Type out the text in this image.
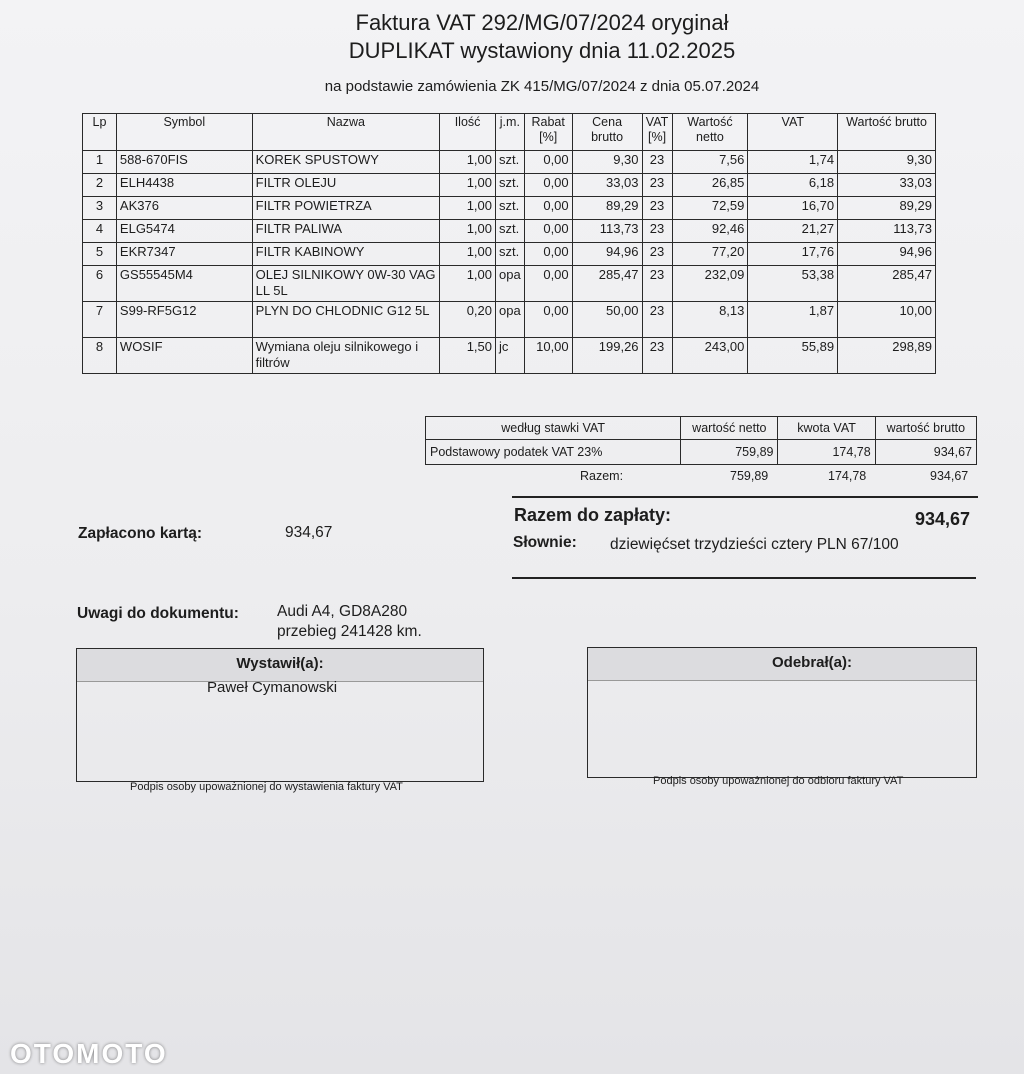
Faktura VAT 292/MG/07/2024 oryginał
DUPLIKAT wystawiony dnia 11.02.2025
na podstawie zamówienia ZK 415/MG/07/2024 z dnia 05.07.2024
Lp	Symbol	Nazwa	Ilość	j.m.	Rabat [%]	Cena brutto	VAT [%]	Wartość netto	VAT	Wartość brutto
1	588-670FIS	KOREK SPUSTOWY	1,00	szt.	0,00	9,30	23	7,56	1,74	9,30
2	ELH4438	FILTR OLEJU	1,00	szt.	0,00	33,03	23	26,85	6,18	33,03
3	AK376	FILTR POWIETRZA	1,00	szt.	0,00	89,29	23	72,59	16,70	89,29
4	ELG5474	FILTR PALIWA	1,00	szt.	0,00	113,73	23	92,46	21,27	113,73
5	EKR7347	FILTR KABINOWY	1,00	szt.	0,00	94,96	23	77,20	17,76	94,96
6	GS55545M4	OLEJ SILNIKOWY 0W-30 VAG LL 5L	1,00	opa	0,00	285,47	23	232,09	53,38	285,47
7	S99-RF5G12	PLYN DO CHLODNIC G12 5L	0,20	opa	0,00	50,00	23	8,13	1,87	10,00
8	WOSIF	Wymiana oleju silnikowego i filtrów	1,50	jc	10,00	199,26	23	243,00	55,89	298,89
według stawki VAT	wartość netto	kwota VAT	wartość brutto
Podstawowy podatek VAT 23%	759,89	174,78	934,67
Razem:	759,89	174,78	934,67
Razem do zapłaty:	934,67
Słownie: dziewięćset trzydzieści cztery PLN 67/100
Zapłacono kartą:	934,67
Uwagi do dokumentu: Audi A4, GD8A280
przebieg 241428 km.
Wystawił(a):
Paweł Cymanowski
Podpis osoby upoważnionej do wystawienia faktury VAT
Odebrał(a):
Podpis osoby upoważnionej do odbioru faktury VAT
OTOMOTO
